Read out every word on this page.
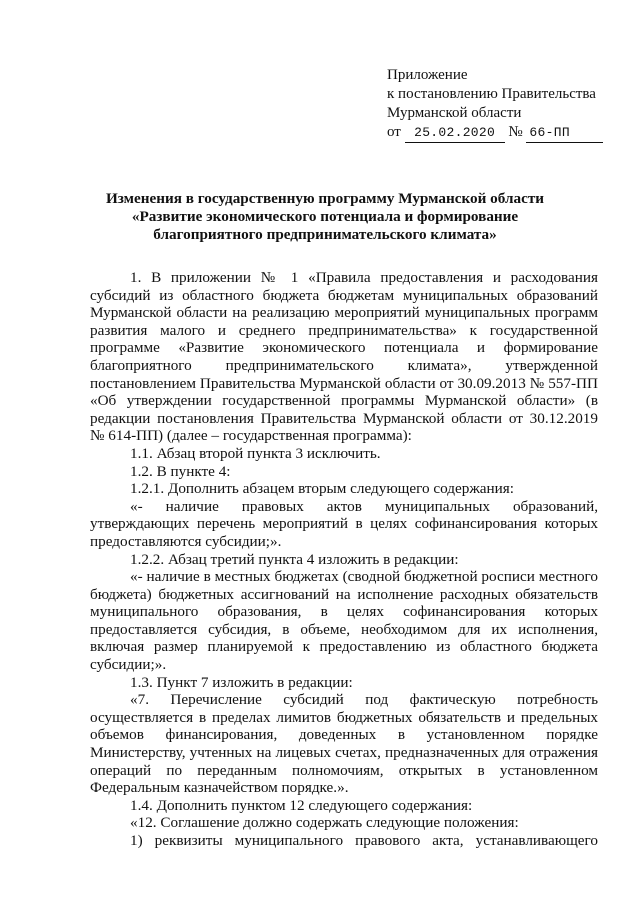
Приложение
к постановлению Правительства
Мурманской области
от 25.02.2020 № 66-ПП
Изменения в государственную программу Мурманской области
«Развитие экономического потенциала и формирование
благоприятного предпринимательского климата»

1. В приложении № 1 «Правила предоставления и расходования субсидий из областного бюджета бюджетам муниципальных образований Мурманской области на реализацию мероприятий муниципальных программ развития малого и среднего предпринимательства» к государственной программе «Развитие экономического потенциала и формирование благоприятного предпринимательского климата», утвержденной постановлением Правительства Мурманской области от 30.09.2013 № 557-ПП «Об утверждении государственной программы Мурманской области» (в редакции постановления Правительства Мурманской области от 30.12.2019 № 614-ПП) (далее – государственная программа):

1.1. Абзац второй пункта 3 исключить.

1.2. В пункте 4:

1.2.1. Дополнить абзацем вторым следующего содержания:

«- наличие правовых актов муниципальных образований, утверждающих перечень мероприятий в целях софинансирования которых предоставляются субсидии;».

1.2.2. Абзац третий пункта 4 изложить в редакции:

«- наличие в местных бюджетах (сводной бюджетной росписи местного бюджета) бюджетных ассигнований на исполнение расходных обязательств муниципального образования, в целях софинансирования которых предоставляется субсидия, в объеме, необходимом для их исполнения, включая размер планируемой к предоставлению из областного бюджета субсидии;».

1.3. Пункт 7 изложить в редакции:

«7. Перечисление субсидий под фактическую потребность осуществляется в пределах лимитов бюджетных обязательств и предельных объемов финансирования, доведенных в установленном порядке Министерству, учтенных на лицевых счетах, предназначенных для отражения операций по переданным полномочиям, открытых в установленном Федеральным казначейством порядке.».

1.4. Дополнить пунктом 12 следующего содержания:

«12. Соглашение должно содержать следующие положения:

1) реквизиты муниципального правового акта, устанавливающего
